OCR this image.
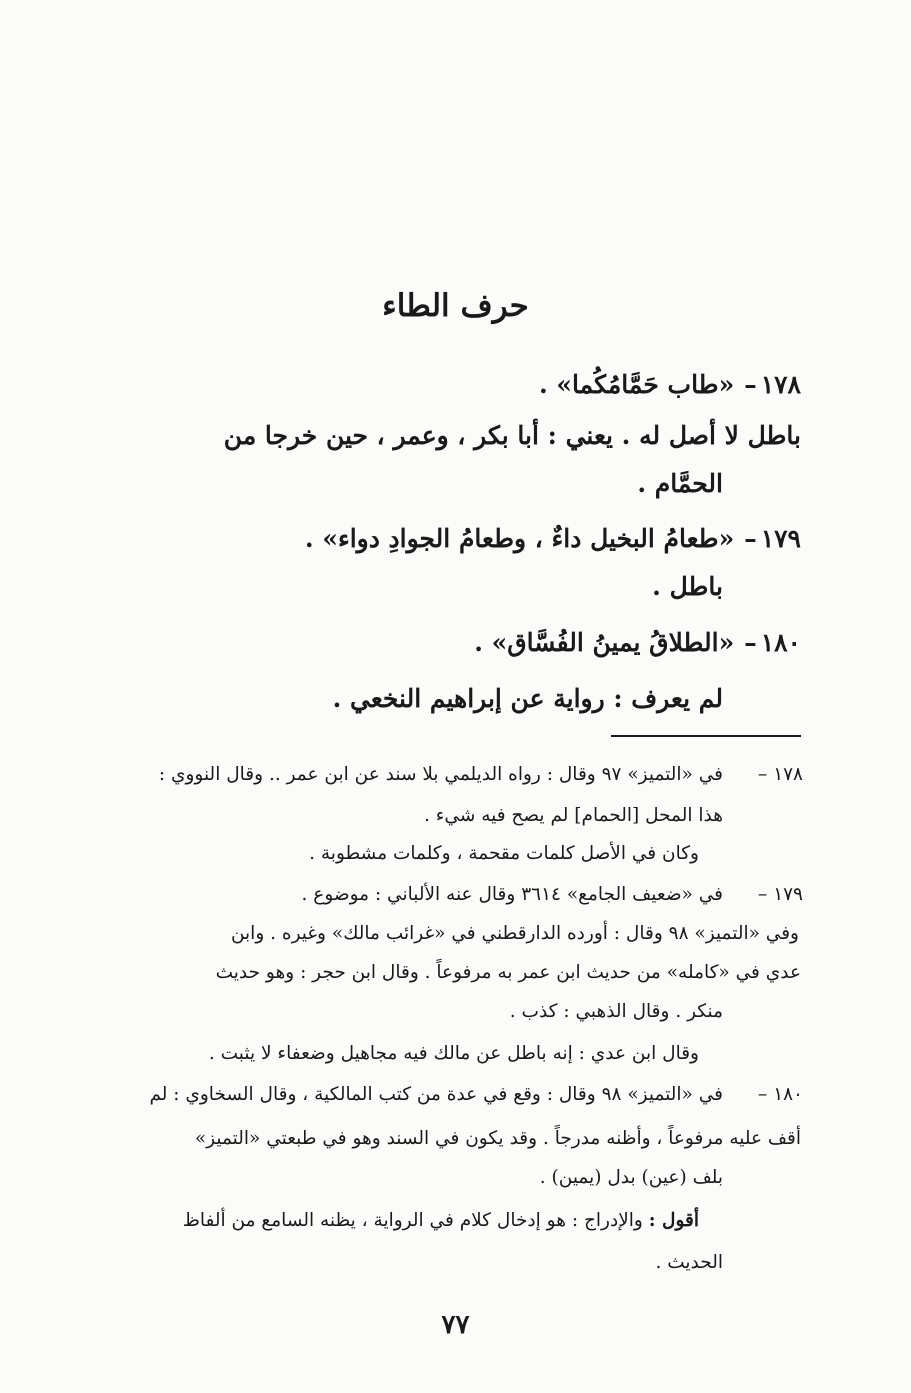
حرف الطاء
١٧٨–«طاب حَمَّامُكُما» .
باطل لا أصل له . يعني : أبا بكر ، وعمر ، حين خرجا من
الحمَّام .
١٧٩–«طعامُ البخيل داءٌ ، وطعامُ الجوادِ دواء» .
باطل .
١٨٠–«الطلاقُ يمينُ الفُسَّاق» .
لم يعرف : رواية عن إبراهيم النخعي .
١٧٨ –
في «التميز» ٩٧ وقال : رواه الديلمي بلا سند عن ابن عمر .. وقال النووي :
هذا المحل [الحمام] لم يصح فيه شيء .
وكان في الأصل كلمات مقحمة ، وكلمات مشطوبة .
١٧٩ –
في «ضعيف الجامع» ٣٦١٤ وقال عنه الألباني : موضوع .
وفي «التميز» ٩٨ وقال : أورده الدارقطني في «غرائب مالك» وغيره . وابن
عدي في «كامله» من حديث ابن عمر به مرفوعاً . وقال ابن حجر : وهو حديث
منكر . وقال الذهبي : كذب .
وقال ابن عدي : إنه باطل عن مالك فيه مجاهيل وضعفاء لا يثبت .
١٨٠ –
في «التميز» ٩٨ وقال : وقع في عدة من كتب المالكية ، وقال السخاوي : لم
أقف عليه مرفوعاً ، وأظنه مدرجاً . وقد يكون في السند وهو في طبعتي «التميز»
بلف (عين) بدل (يمين) .
أقول : والإدراج : هو إدخال كلام في الرواية ، يظنه السامع من ألفاظ
الحديث .
٧٧
